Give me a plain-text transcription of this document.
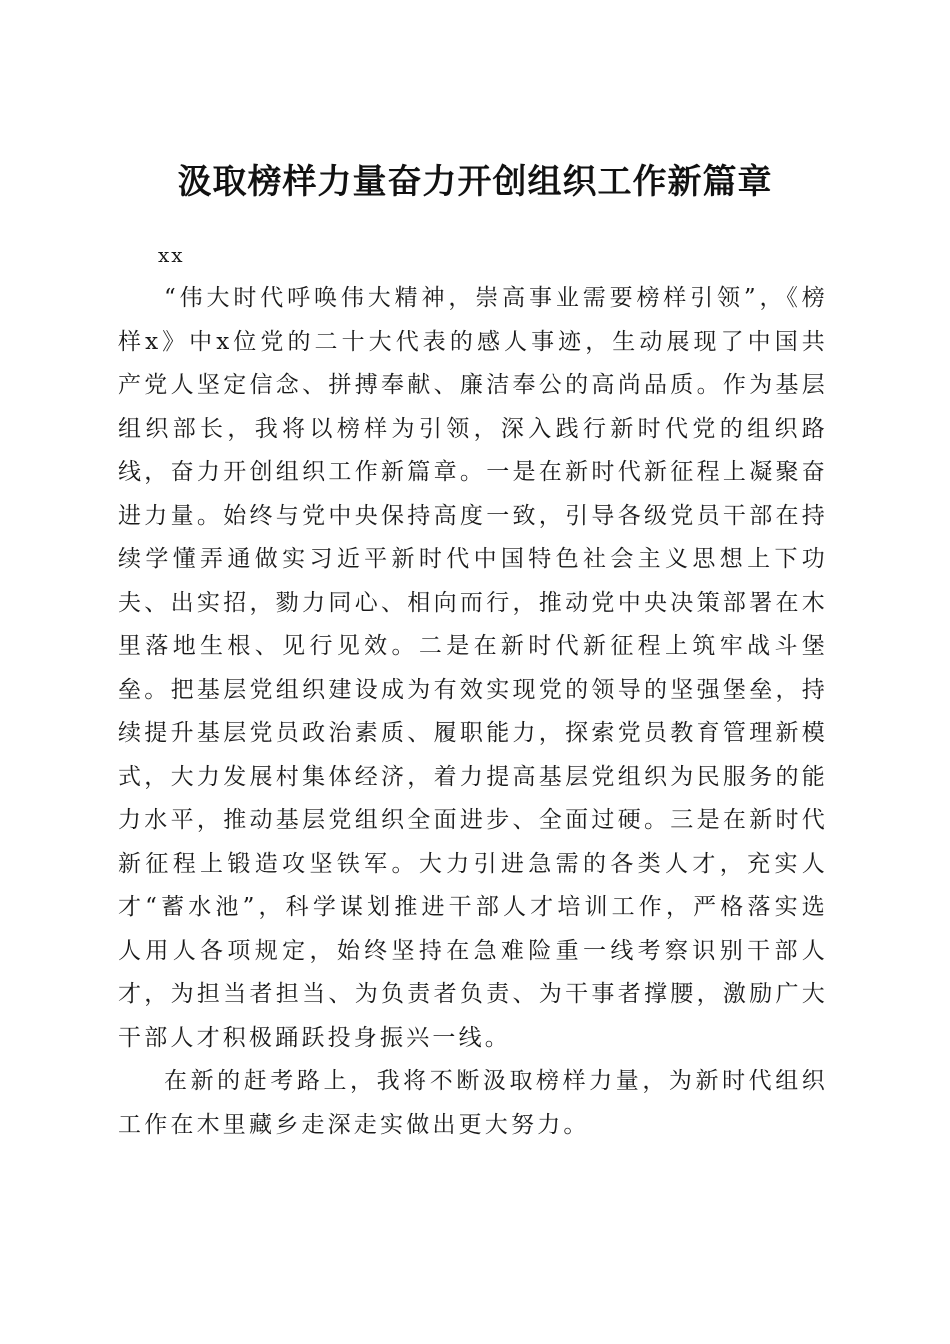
汲取榜样力量奋力开创组织工作新篇章
xx

“伟大时代呼唤伟大精神，崇高事业需要榜样引领”，《榜样x》中x位党的二十大代表的感人事迹，生动展现了中国共产党人坚定信念、拼搏奉献、廉洁奉公的高尚品质。作为基层组织部长，我将以榜样为引领，深入践行新时代党的组织路线，奋力开创组织工作新篇章。一是在新时代新征程上凝聚奋进力量。始终与党中央保持高度一致，引导各级党员干部在持续学懂弄通做实习近平新时代中国特色社会主义思想上下功夫、出实招，勠力同心、相向而行，推动党中央决策部署在木里落地生根、见行见效。二是在新时代新征程上筑牢战斗堡垒。把基层党组织建设成为有效实现党的领导的坚强堡垒，持续提升基层党员政治素质、履职能力，探索党员教育管理新模式，大力发展村集体经济，着力提高基层党组织为民服务的能力水平，推动基层党组织全面进步、全面过硬。三是在新时代新征程上锻造攻坚铁军。大力引进急需的各类人才，充实人才“蓄水池”，科学谋划推进干部人才培训工作，严格落实选人用人各项规定，始终坚持在急难险重一线考察识别干部人才，为担当者担当、为负责者负责、为干事者撑腰，激励广大干部人才积极踊跃投身振兴一线。

在新的赶考路上，我将不断汲取榜样力量，为新时代组织工作在木里藏乡走深走实做出更大努力。
